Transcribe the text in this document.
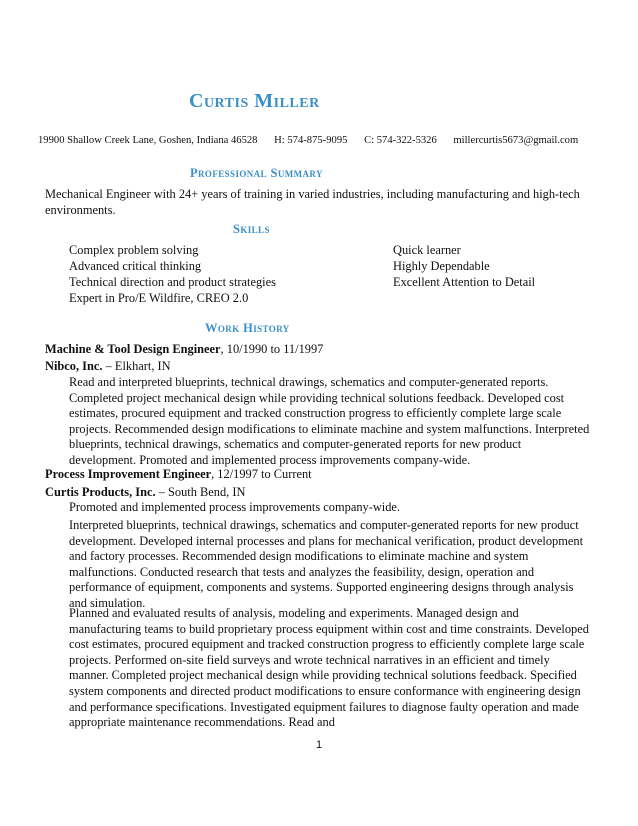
Curtis Miller
19900 Shallow Creek Lane, Goshen, Indiana 46528 H: 574-875-9095 C: 574-322-5326 millercurtis5673@gmail.com
Professional Summary
Mechanical Engineer with 24+ years of training in varied industries, including manufacturing and high-tech environments.
Skills
Complex problem solving
Advanced critical thinking
Technical direction and product strategies
Expert in Pro/E Wildfire, CREO 2.0
Quick learner
Highly Dependable
Excellent Attention to Detail
Work History
Machine & Tool Design Engineer, 10/1990 to 11/1997
Nibco, Inc. – Elkhart, IN

Read and interpreted blueprints, technical drawings, schematics and computer-generated reports. Completed project mechanical design while providing technical solutions feedback. Developed cost estimates, procured equipment and tracked construction progress to efficiently complete large scale projects. Recommended design modifications to eliminate machine and system malfunctions. Interpreted blueprints, technical drawings, schematics and computer-generated reports for new product development. Promoted and implemented process improvements company-wide.

Process Improvement Engineer, 12/1997 to Current
Curtis Products, Inc. – South Bend, IN

Promoted and implemented process improvements company-wide.

Interpreted blueprints, technical drawings, schematics and computer-generated reports for new product development. Developed internal processes and plans for mechanical verification, product development and factory processes. Recommended design modifications to eliminate machine and system malfunctions. Conducted research that tests and analyzes the feasibility, design, operation and performance of equipment, components and systems. Supported engineering designs through analysis and simulation.

Planned and evaluated results of analysis, modeling and experiments. Managed design and manufacturing teams to build proprietary process equipment within cost and time constraints. Developed cost estimates, procured equipment and tracked construction progress to efficiently complete large scale projects. Performed on-site field surveys and wrote technical narratives in an efficient and timely manner. Completed project mechanical design while providing technical solutions feedback. Specified system components and directed product modifications to ensure conformance with engineering design and performance specifications. Investigated equipment failures to diagnose faulty operation and made appropriate maintenance recommendations. Read and

1
